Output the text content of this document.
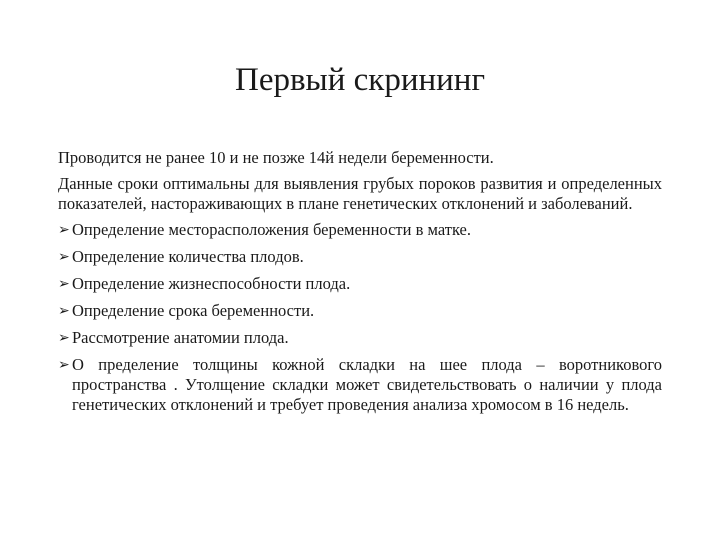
Первый скрининг

Проводится не ранее 10 и не позже 14й недели беременности.

Данные сроки оптимальны для выявления грубых пороков развития и определенных показателей, настораживающих в плане генетических отклонений и заболеваний.

➢ Определение месторасположения беременности в матке.
➢ Определение количества плодов.
➢ Определение жизнеспособности плода.
➢ Определение срока беременности.
➢ Рассмотрение анатомии плода.
➢ О пределение толщины кожной складки на шее плода – воротникового пространства . Утолщение складки может свидетельствовать о наличии у плода генетических отклонений и требует проведения анализа хромосом в 16 недель.
